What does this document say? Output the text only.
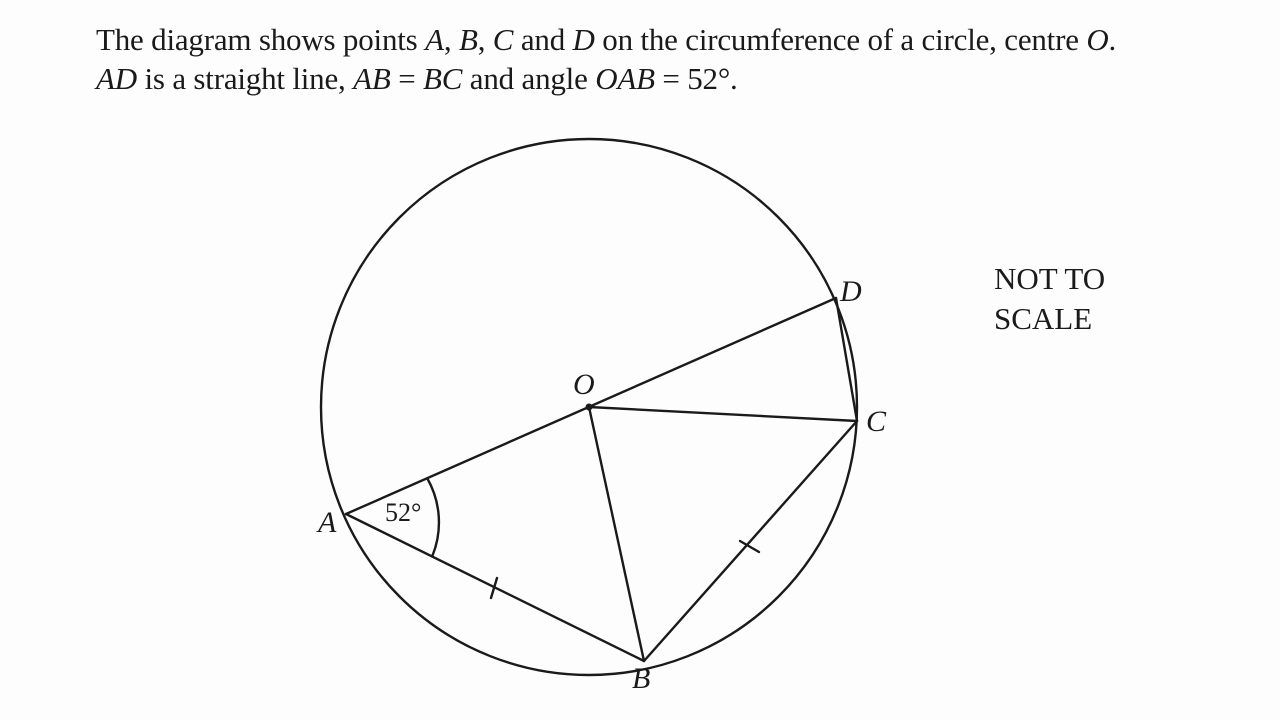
The diagram shows points A, B, C and D on the circumference of a circle, centre O.
AD is a straight line, AB = BC and angle OAB = 52°.
NOT TO
SCALE
O
A
B
C
D
52°
